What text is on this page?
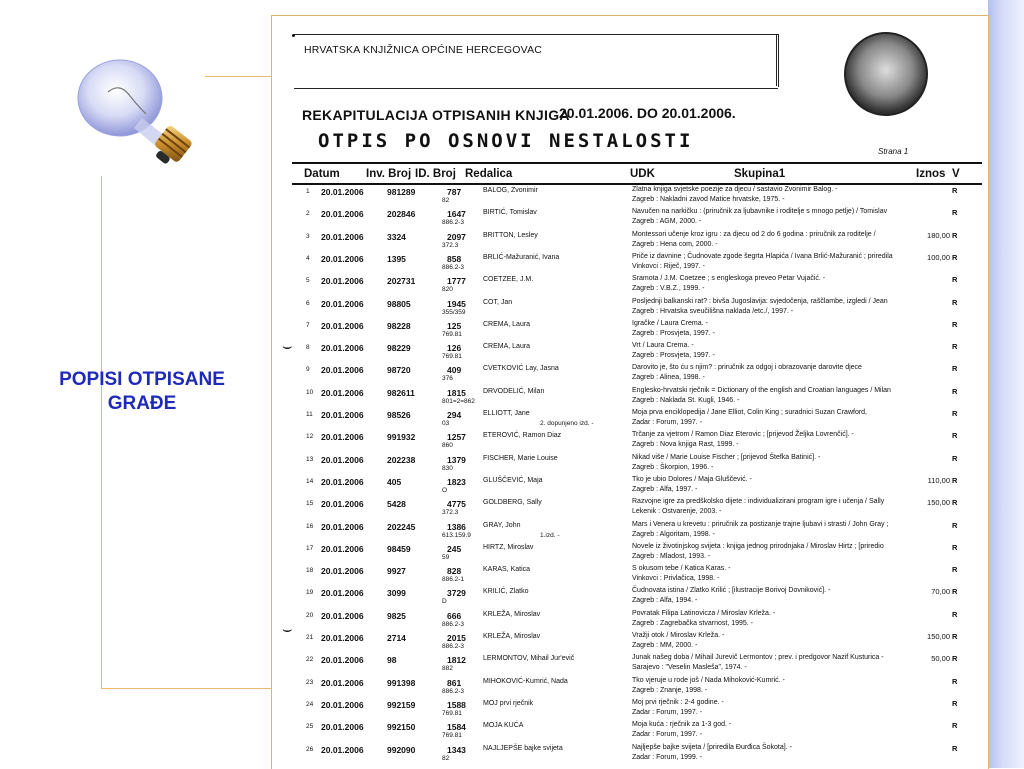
POPISI OTPISANE
GRAĐE
HRVATSKA KNJIŽNICA OPĆINE HERCEGOVAC
REKAPITULACIJA OTPISANIH KNJIGA
20.01.2006. DO 20.01.2006.
OTPIS PO OSNOVI NESTALOSTI	Strana 1
Datum Inv. Broj ID. Broj Redalica	UDK	Skupina1	Iznos V
1 20.01.2006	981289	787
82
BALOG, Zvonimir	Zlatna knjiga svjetske poezije za djecu / sastavio Zvonimir Balog. -
Zagreb : Nakladni zavod Matice hrvatske, 1975. -
R
2 20.01.2006	202846	1647
886.2-3
BIRTIĆ, Tomislav	Navučen na narkičku : (priručnik za ljubavnike i roditelje s mnogo petlje) / Tomislav
Zagreb : AGM, 2000. -
R
3 20.01.2006	3324	2097
372.3
BRITTON, Lesley	Montessori učenje kroz igru : za djecu od 2 do 6 godina : priručnik za roditelje /
Zagreb : Hena com, 2000. -
180,00 R
4 20.01.2006	1395	858
886.2-3
BRLIĆ-Mažuranić, Ivana	Priče iz davnine ; Čudnovate zgode šegrta Hlapića / Ivana Brlić-Mažuranić ; priredila
Vinkovci : Riječ, 1997. -
100,00 R
5 20.01.2006	202731	1777
820
COETZEE, J.M.	Sramota / J.M. Coetzee ; s engleskoga preveo Petar Vujačić. -
Zagreb : V.B.Z., 1999. -
R
6 20.01.2006	98805	1945
355/359
COT, Jan	Posljednji balkanski rat? : bivša Jugoslavija: svjedočenja, raščlambe, izgledi / Jean
Zagreb : Hrvatska sveučilišna naklada /etc./, 1997. -
R
7 20.01.2006	98228	125
769.81
CREMA, Laura	Igračke / Laura Crema. -
Zagreb : Prosvjeta, 1997. -
R
8 20.01.2006	98229	126
769.81
CREMA, Laura	Vrt / Laura Crema. -
Zagreb : Prosvjeta, 1997. -
R
9 20.01.2006	98720	409
376
CVETKOVIĆ Lay, Jasna	Darovito je, što ću s njim? : priručnik za odgoj i obrazovanje darovite djece
Zagreb : Alinea, 1998. -
R
10 20.01.2006	982611	1815
801=2=862
DRVODELIĆ, Milan	Englesko-hrvatski rječnik = Dictionary of the english and Croatian languages / Milan
Zagreb : Naklada St. Kugli, 1946. -
R
11 20.01.2006	98526	294
03
ELLIOTT, Jane
2. dopunjeno izd. -
Moja prva enciklopedija / Jane Elliot, Colin King ; suradnici Suzan Crawford,
Zadar : Forum, 1997. -
R
12 20.01.2006	991932	1257
860
ETEROVIĆ, Ramon Diaz	Trčanje za vjetrom / Ramon Diaz Eterovic ; [prijevod Željka Lovrenčić]. -
Zagreb : Nova knjiga Rast, 1999. -
R
13 20.01.2006	202238	1379
830
FISCHER, Marie Louise	Nikad više / Marie Louise Fischer ; [prijevod Štefka Batinić]. -
Zagreb : Škorpion, 1996. -
R
14 20.01.2006	405	1823
O
GLUŠČEVIĆ, Maja	Tko je ubio Dolores / Maja Gluščević. -
Zagreb : Alfa, 1997. -
110,00 R
15 20.01.2006	5428	4775
372.3
GOLDBERG, Sally	Razvojne igre za predškolsko dijete : individualizirani program igre i učenja / Sally
Lekenik : Ostvarenje, 2003. -
150,00 R
16 20.01.2006	202245	1386
613.159.9
GRAY, John
1.izd. -
Mars i Venera u krevetu : priručnik za postizanje trajne ljubavi i strasti / John Gray ;
Zagreb : Algoritam, 1998. -
R
17 20.01.2006	98459	245
59
HIRTZ, Miroslav	Novele iz životinjskog svijeta : knjiga jednog prirodnjaka / Miroslav Hirtz ; [priredio
Zagreb : Mladost, 1993. -
R
18 20.01.2006	9927	828
886.2-1
KARAS, Katica	S okusom tebe / Katica Karas. -
Vinkovci : Privlačica, 1998. -
R
19 20.01.2006	3099	3729
D
KRILIĆ, Zlatko	Čudnovata istina / Zlatko Krilić ; [ilustracije Borivoj Dovniković]. -
Zagreb : Alfa, 1994. -
70,00 R
20 20.01.2006	9825	666
886.2-3
KRLEŽA, Miroslav	Povratak Filipa Latinovicza / Miroslav Krleža. -
Zagreb : Zagrebačka stvarnost, 1995. -
R
21 20.01.2006	2714	2015
886.2-3
KRLEŽA, Miroslav	Vražji otok / Miroslav Krleža. -
Zagreb : MM, 2000. -
150,00 R
22 20.01.2006	98	1812
882
LERMONTOV, Mihail Jur'evič	Junak našeg doba / Mihail Jurevič Lermontov ; prev. i predgovor Nazif Kusturica -
Sarajevo : "Veselin Masleša", 1974. -
50,00 R
23 20.01.2006	991398	861
886.2-3
MIHOKOVIĆ-Kumrić, Nada	Tko vjeruje u rode još / Nada Mihoković-Kumrić. -
Zagreb : Znanje, 1998. -
R
24 20.01.2006	992159	1588
769.81
MOJ prvi rječnik	Moj prvi rječnik : 2-4 godine. -
Zadar : Forum, 1997. -
R
25 20.01.2006	992150	1584
769.81
MOJA KUĆA	Moja kuća : rječnik za 1-3 god. -
Zadar : Forum, 1997. -
R
26 20.01.2006	992090	1343
82
NAJLJEPŠE bajke svijeta	Najljepše bajke svijeta / [priredila Đurđica Šokota]. -
Zadar : Forum, 1999. -
R
⌣
⌣
